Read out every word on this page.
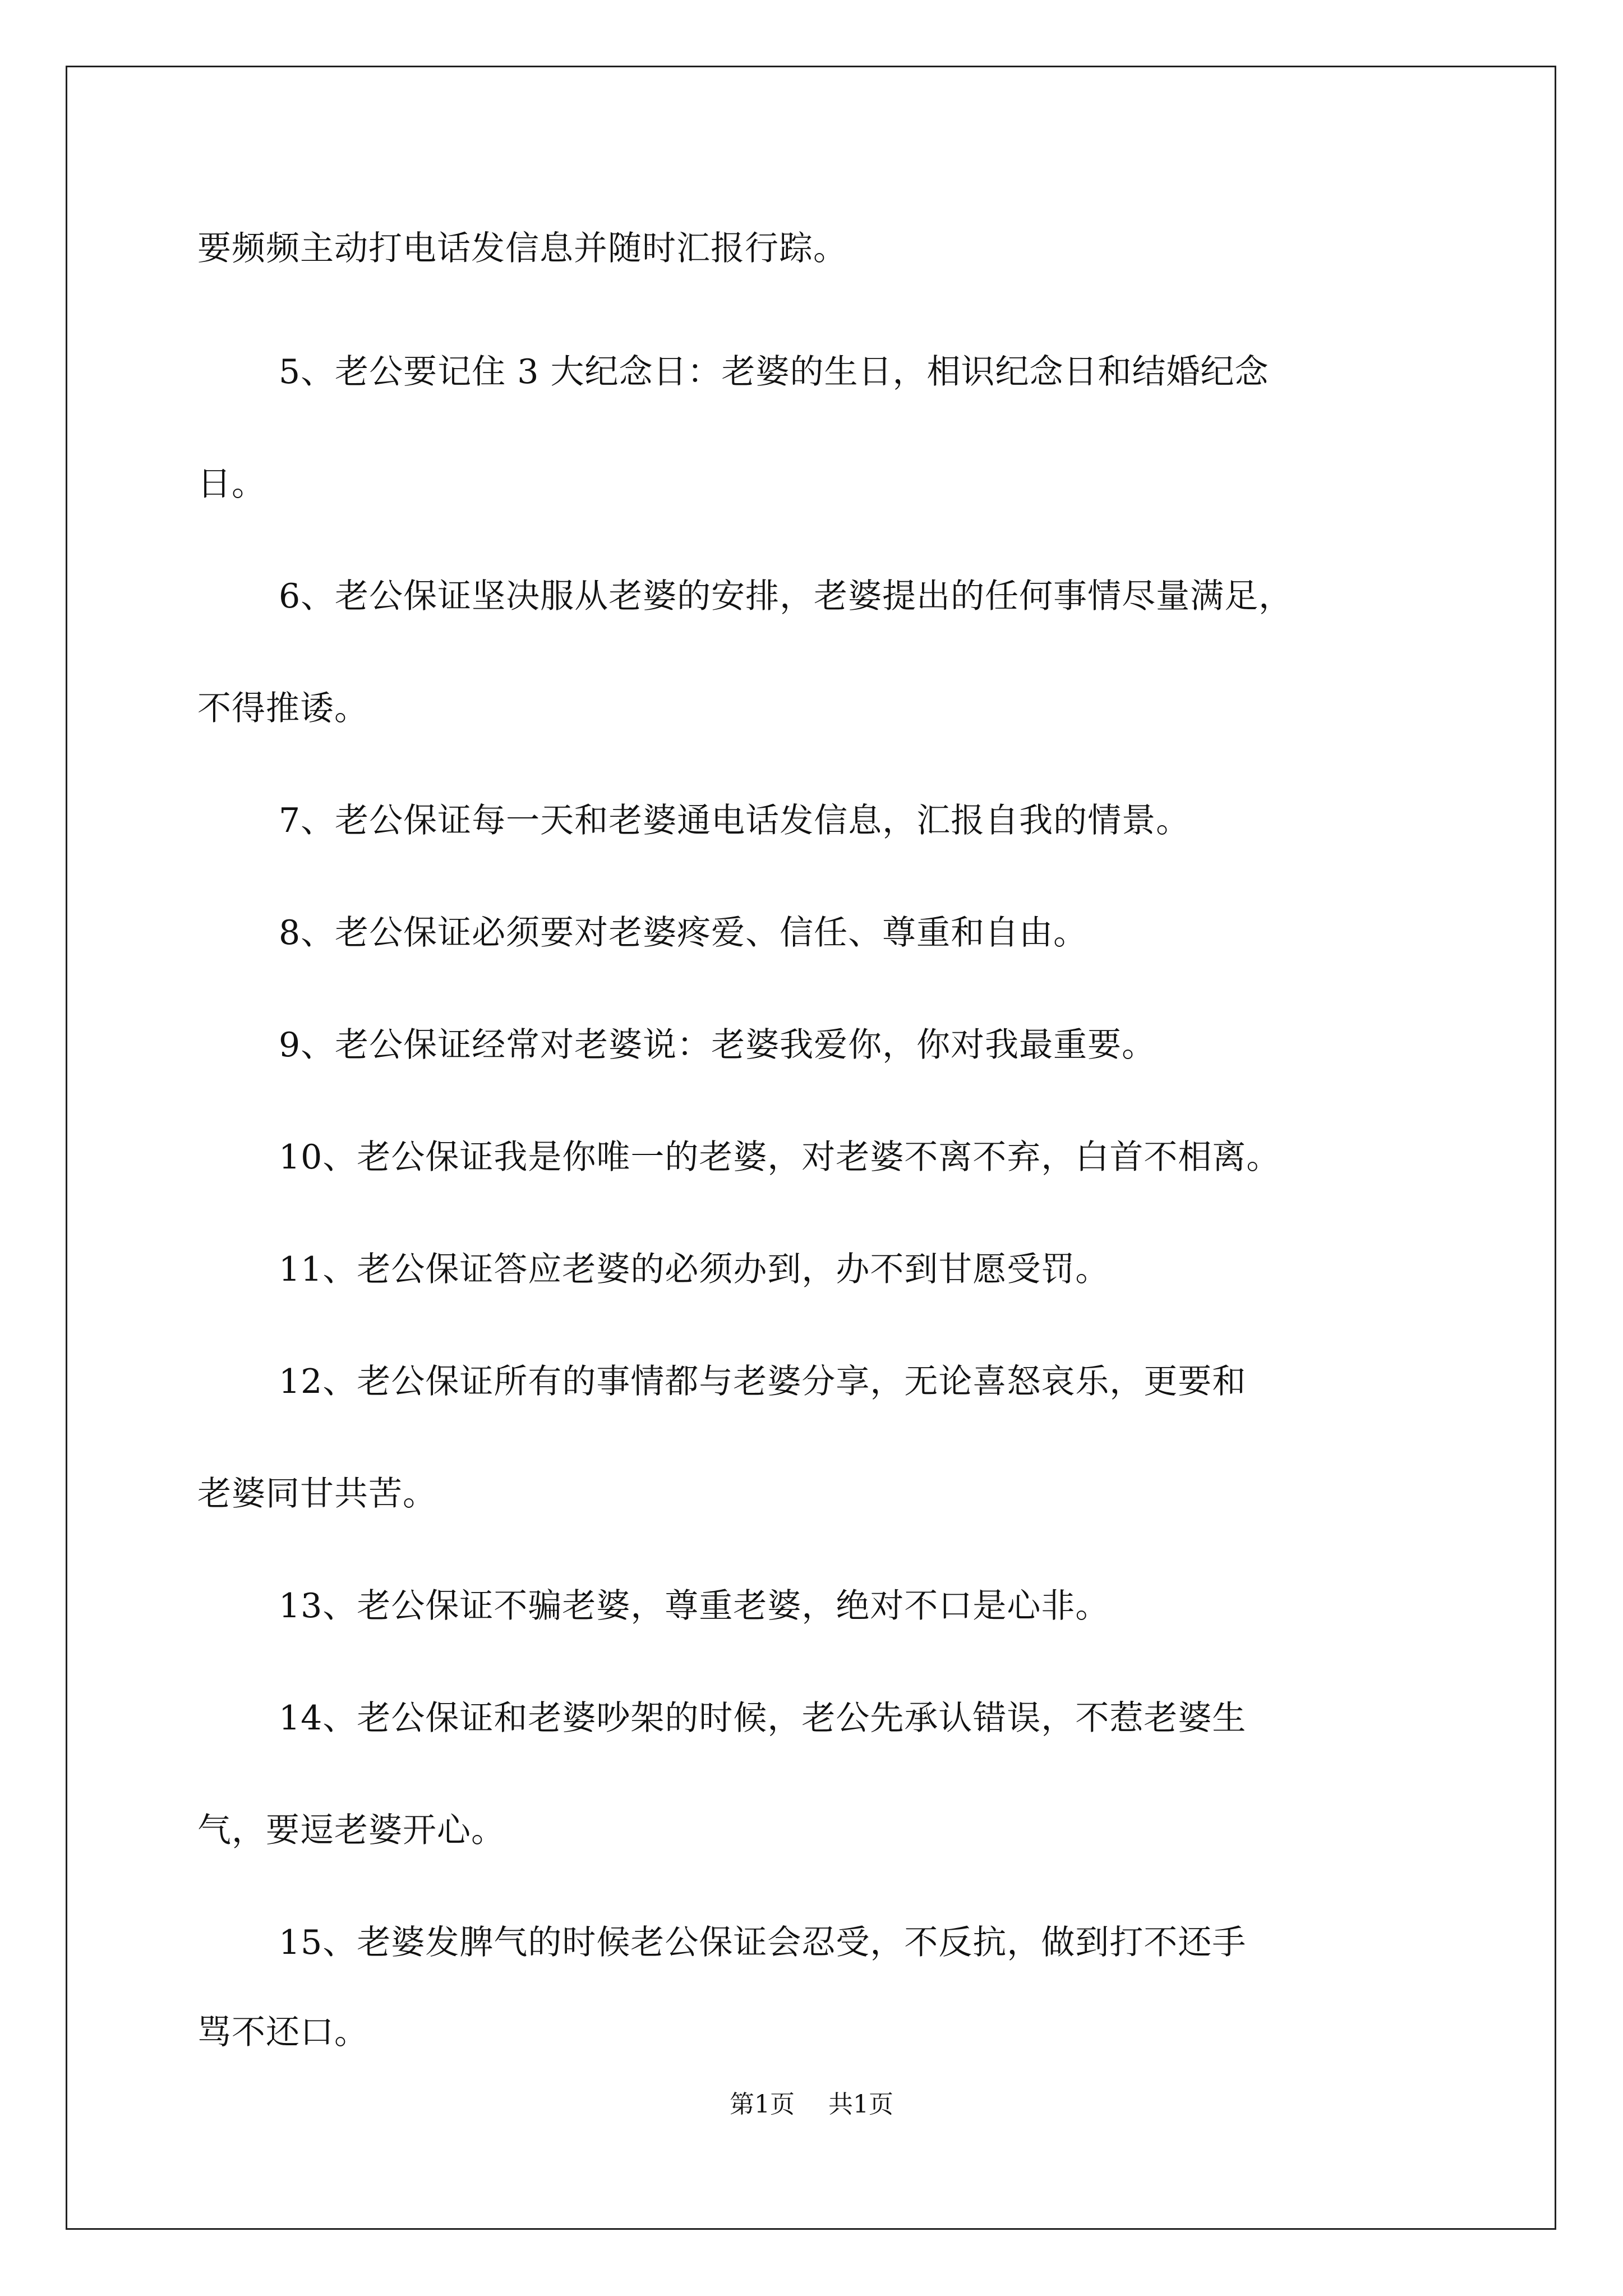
要频频主动打电话发信息并随时汇报行踪。

5、老公要记住 3 大纪念日：老婆的生日，相识纪念日和结婚纪念

日。

6、老公保证坚决服从老婆的安排，老婆提出的任何事情尽量满足，

不得推诿。

7、老公保证每一天和老婆通电话发信息，汇报自我的情景。

8、老公保证必须要对老婆疼爱、信任、尊重和自由。

9、老公保证经常对老婆说：老婆我爱你，你对我最重要。

10、老公保证我是你唯一的老婆，对老婆不离不弃，白首不相离。

11、老公保证答应老婆的必须办到，办不到甘愿受罚。

12、老公保证所有的事情都与老婆分享，无论喜怒哀乐，更要和

老婆同甘共苦。

13、老公保证不骗老婆，尊重老婆，绝对不口是心非。

14、老公保证和老婆吵架的时候，老公先承认错误，不惹老婆生

气，要逗老婆开心。

第1页 共1页

15、老婆发脾气的时候老公保证会忍受，不反抗，做到打不还手

骂不还口。
